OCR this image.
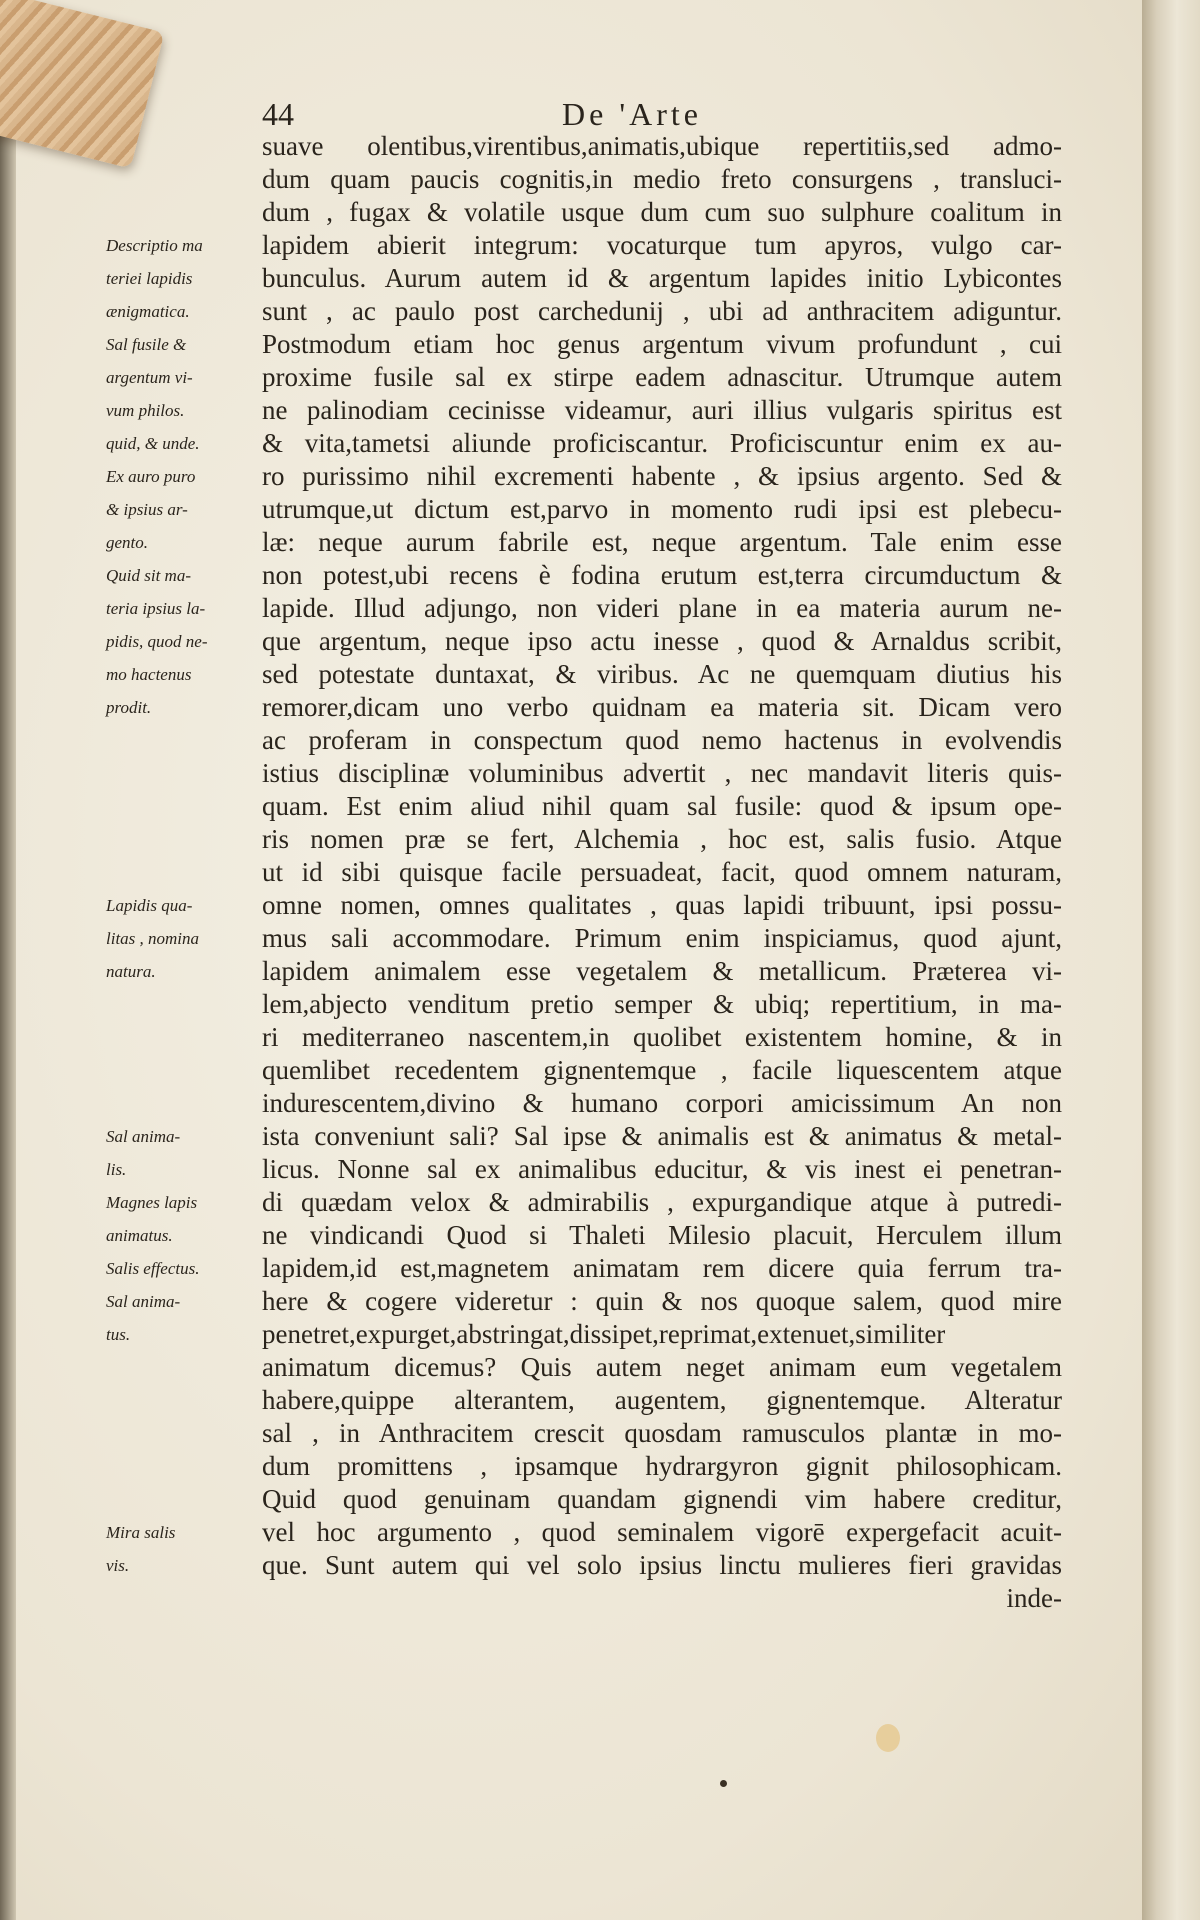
44	De 'Arte
suave olentibus,virentibus,animatis,ubique repertitiis,sed admo-
dum quam paucis cognitis,in medio freto consurgens , transluci-
dum , fugax & volatile usque dum cum suo sulphure coalitum in
lapidem abierit integrum: vocaturque tum apyros, vulgo car-
bunculus. Aurum autem id & argentum lapides initio Lybicontes
sunt , ac paulo post carchedunij , ubi ad anthracitem adiguntur.
Postmodum etiam hoc genus argentum vivum profundunt , cui
proxime fusile sal ex stirpe eadem adnascitur. Utrumque autem
ne palinodiam cecinisse videamur, auri illius vulgaris spiritus est
& vita,tametsi aliunde proficiscantur. Proficiscuntur enim ex au-
ro purissimo nihil excrementi habente , & ipsius argento. Sed &
utrumque,ut dictum est,parvo in momento rudi ipsi est plebecu-
læ: neque aurum fabrile est, neque argentum. Tale enim esse
non potest,ubi recens è fodina erutum est,terra circumductum &
lapide. Illud adjungo, non videri plane in ea materia aurum ne-
que argentum, neque ipso actu inesse , quod & Arnaldus scribit,
sed potestate duntaxat, & viribus. Ac ne quemquam diutius his
remorer,dicam uno verbo quidnam ea materia sit. Dicam vero
ac proferam in conspectum quod nemo hactenus in evolvendis
istius disciplinæ voluminibus advertit , nec mandavit literis quis-
quam. Est enim aliud nihil quam sal fusile: quod & ipsum ope-
ris nomen præ se fert, Alchemia , hoc est, salis fusio. Atque
ut id sibi quisque facile persuadeat, facit, quod omnem naturam,
omne nomen, omnes qualitates , quas lapidi tribuunt, ipsi possu-
mus sali accommodare. Primum enim inspiciamus, quod ajunt,
lapidem animalem esse vegetalem & metallicum. Præterea vi-
lem,abjecto venditum pretio semper & ubiq; repertitium, in ma-
ri mediterraneo nascentem,in quolibet existentem homine, & in
quemlibet recedentem gignentemque , facile liquescentem atque
indurescentem,divino & humano corpori amicissimum An non
ista conveniunt sali? Sal ipse & animalis est & animatus & metal-
licus. Nonne sal ex animalibus educitur, & vis inest ei penetran-
di quædam velox & admirabilis , expurgandique atque à putredi-
ne vindicandi Quod si Thaleti Milesio placuit, Herculem illum
lapidem,id est,magnetem animatam rem dicere quia ferrum tra-
here & cogere videretur : quin & nos quoque salem, quod mire
penetret,expurget,abstringat,dissipet,reprimat,extenuet,similiter
animatum dicemus? Quis autem neget animam eum vegetalem
habere,quippe alterantem, augentem, gignentemque. Alteratur
sal , in Anthracitem crescit quosdam ramusculos plantæ in mo-
dum promittens , ipsamque hydrargyron gignit philosophicam.
Quid quod genuinam quandam gignendi vim habere creditur,
vel hoc argumento , quod seminalem vigorē expergefacit acuit-
que. Sunt autem qui vel solo ipsius linctu mulieres fieri gravidas
inde-
Descriptio ma
teriei lapidis
ænigmatica.
Sal fusile &
argentum vi-
vum philos.
quid, & unde.
Ex auro puro
& ipsius ar-
gento.
Quid sit ma-
teria ipsius la-
pidis, quod ne-
mo hactenus
prodit.
Lapidis qua-
litas , nomina
natura.
Sal anima-
lis.
Magnes lapis
animatus.
Salis effectus.
Sal anima-
tus.
Mira salis
vis.
